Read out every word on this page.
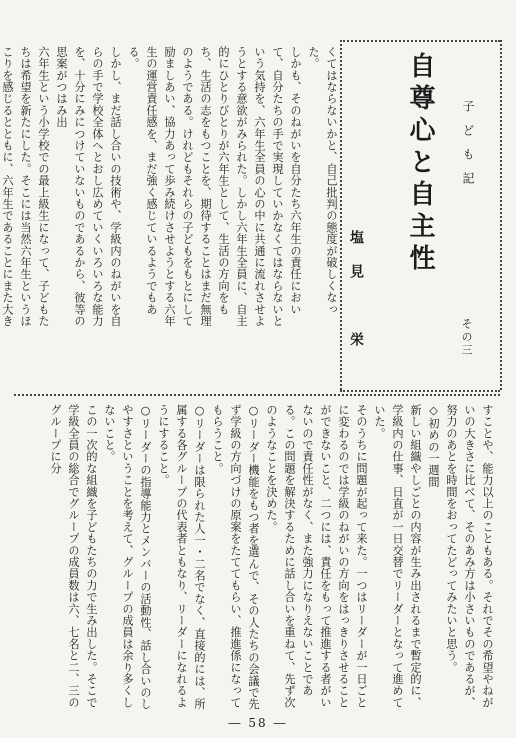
子ども記
その三
自尊心と自主性
塩見　栄
くてはならないかと、自己批判の態度が破しくなった。
しかも、そのねがいを自分たち六年生の責任において、自分たちの手で実現していかなくてはならないという気持を、六年生全員の心の中に共通に流れさせようとする意欲がみられた。しかし六年生全員に、自主的にひとりびとりが六年生として、生活の方向をもち、生活の志をもつことを、期待することはまだ無理のようである。けれどもそれらの子どもをもとにして励ましあい、協力あって歩み続けさせようとする六年生の運営責任感を、まだ強く感じているようでもある。
しかし、まだ話し合いの技術や、学級内のねがいを自らの手で学校全体へとおし広めていくいろいろな能力を、十分にみにつけていないものであるから、彼等の思案がつはみ出
六年生という小学校での最上級生になって、子どもたちは希望を新たにした。そこには当然六年生というほこりを感じるとともに、六年生であることにまた大き

すことや、能力以上のこともある。それでその希望やねがいの大きさに比べて、そのあみ方は小さいものであるが、努力のあとを時間をおってたどってみたいと思う。
◇初めの一週間
新しい組織やしごとの内容が生み出されるまで暫定的に、学級内の仕事、日直が一日交替でリーダーとなって進めていた。
そのうちに問題が起って来た。一つはリーダーが一日ごとに変わるのでは学級のねがいの方向をはっきりさせることができないこと、二つには、責任をもって推進する者がいないので責任性がなく、また強力になりえないことである。この問題を解決するために話し合いを重ねて、先ず次のようなことを決めた。
○リーダー機能をもつ者を選んで、その人たちの会議で先ず学級の方向づけの原案をたててもらい、推進係になってもらうこと。
○リーダーは限られた人一・二名でなく、直接的には、所属する各グループの代表者ともなり、リーダーになれるようにすること。
○リーダーの指導能力とメンバーの活動性、話し合いのしやすさということを考えて、グループの成員は余り多くしないこと。
この一次的な組織を子どもたちの力で生み出した。そこで学級全員の総合でグループの成員数は六、七名と二、三のグループに分
― 58 ―
